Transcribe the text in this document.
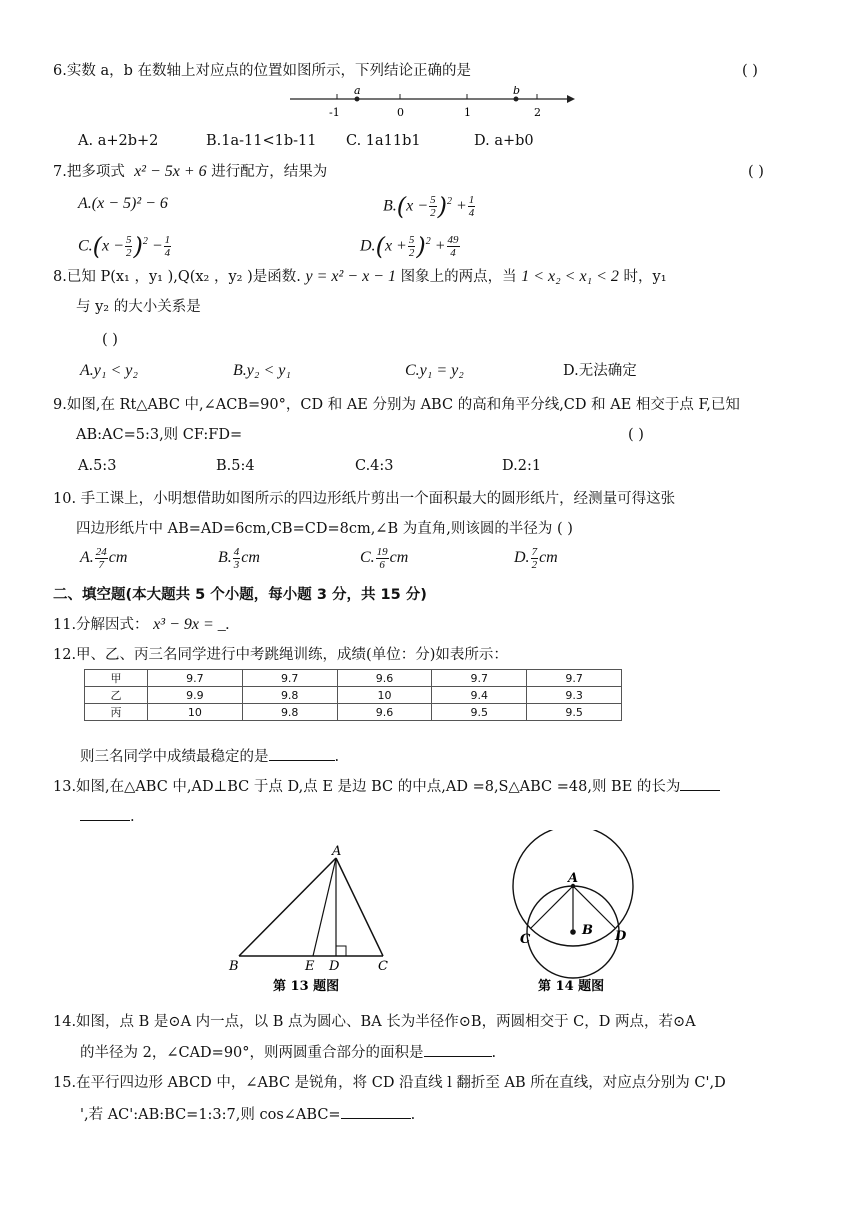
6.实数 a，b 在数轴上对应点的位置如图所示，下列结论正确的是	( )
a	b
-1	0	1	2
A. a+2b+2	B.1a-11<1b-11 C. 1a11b1	D. a+b0
7.把多项式 x² − 5x + 6 进行配方，结果为	( )
A.(x − 5)² − 6	$B.(x - \frac{5}{2} )^2 + \frac{1}{4}$
$C.(x - \frac{5}{2} )^2 - \frac{1}{4}$	$D.(x + \frac{5}{2} )^2 + \frac{49}{4}$
8.已知 P(x₁ ，y₁ ),Q(x₂ ，y₂ )是函数. y = x² − x − 1 图象上的两点，当 1 < x₂ < x₁ < 2 时，y₁
与 y₂ 的大小关系是
( )
A.y₁ < y₂	B.y₂ < y₁	C.y₁ = y₂	D.无法确定
9.如图,在 Rt△ABC 中,∠ACB=90°，CD 和 AE 分别为 ABC 的高和角平分线,CD 和 AE 相交于点 F,已知
AB:AC=5:3,则 CF:FD=	( )
A.5:3	B.5:4	C.4:3	D.2:1
10. 手工课上，小明想借助如图所示的四边形纸片剪出一个面积最大的圆形纸片，经测量可得这张
四边形纸片中 AB=AD=6cm,CB=CD=8cm,∠B 为直角,则该圆的半径为 ( )
A. $\frac{24}{7}$ cm	B. $\frac{4}{3}$ cm	C. $\frac{19}{6}$ cm	D. $\frac{7}{2}$ cm
二、填空题(本大题共 5 个小题，每小题 3 分，共 15 分)
11.分解因式： x³ − 9x = _.
12.甲、乙、丙三名同学进行中考跳绳训练，成绩(单位：分)如表所示：
甲	9.7	9.7	9.6	9.7	9.7
乙	9.9	9.8	10	9.4	9.3
丙	10	9.8	9.6	9.5	9.5
则三名同学中成绩最稳定的是	.
13.如图,在△ABC 中,AD⊥BC 于点 D,点 E 是边 BC 的中点,AD =8,S△ABC =48,则 BE 的长为
.
A
B	E D	C
第 13 题图
A
B
C	D
第 14 题图
14.如图，点 B 是⊙A 内一点，以 B 点为圆心、BA 长为半径作⊙B，两圆相交于 C，D 两点，若⊙A
的半径为 2，∠CAD=90°，则两圆重合部分的面积是	.
15.在平行四边形 ABCD 中，∠ABC 是锐角，将 CD 沿直线 l 翻折至 AB 所在直线，对应点分别为 C',D
',若 AC':AB:BC=1:3:7,则 cos∠ABC=	.
